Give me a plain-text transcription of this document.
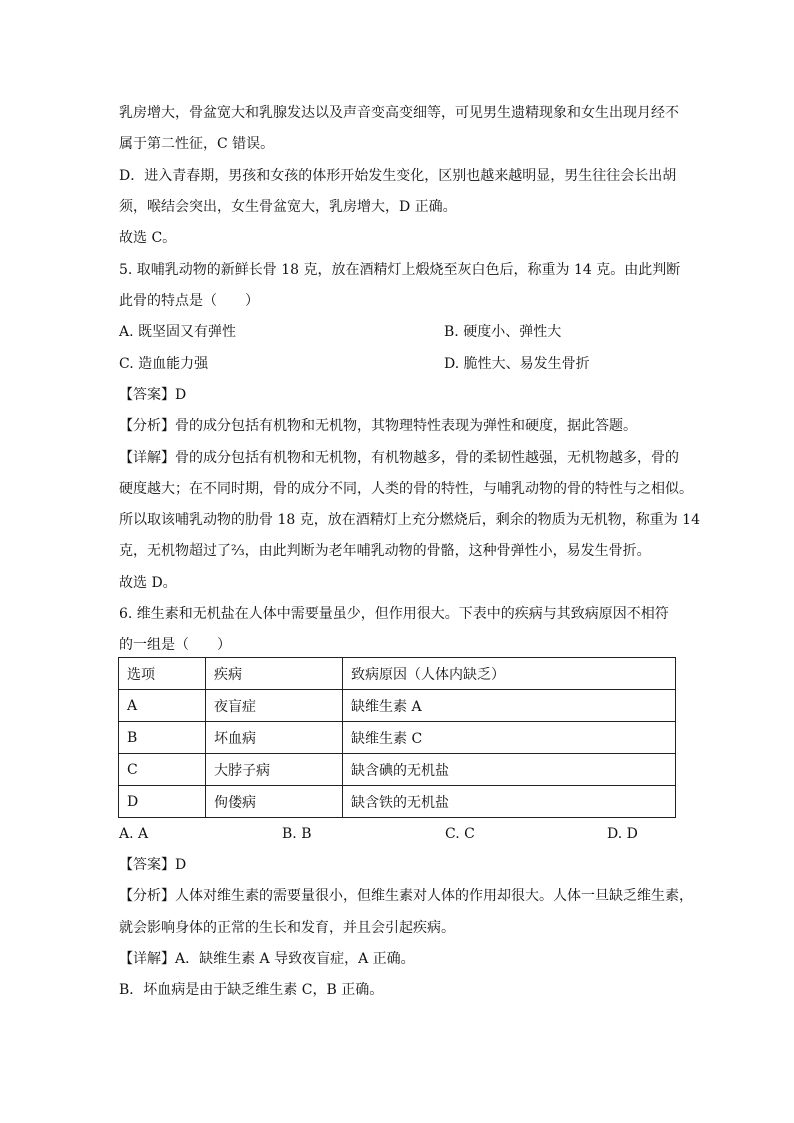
乳房增大，骨盆宽大和乳腺发达以及声音变高变细等，可见男生遗精现象和女生出现月经不
属于第二性征，C 错误。
D．进入青春期，男孩和女孩的体形开始发生变化，区别也越来越明显，男生往往会长出胡
须，喉结会突出，女生骨盆宽大，乳房增大，D 正确。
故选 C。
5. 取哺乳动物的新鲜长骨 18 克，放在酒精灯上煅烧至灰白色后，称重为 14 克。由此判断
此骨的特点是（　　）
A. 既坚固又有弹性	B. 硬度小、弹性大
C. 造血能力强	D. 脆性大、易发生骨折
【答案】D
【分析】骨的成分包括有机物和无机物，其物理特性表现为弹性和硬度，据此答题。
【详解】骨的成分包括有机物和无机物，有机物越多，骨的柔韧性越强，无机物越多，骨的
硬度越大；在不同时期，骨的成分不同，人类的骨的特性，与哺乳动物的骨的特性与之相似。
所以取该哺乳动物的肋骨 18 克，放在酒精灯上充分燃烧后，剩余的物质为无机物，称重为 14
克，无机物超过了⅔，由此判断为老年哺乳动物的骨骼，这种骨弹性小，易发生骨折。
故选 D。
6. 维生素和无机盐在人体中需要量虽少，但作用很大。下表中的疾病与其致病原因不相符
的一组是（　　）
选项	疾病	致病原因（人体内缺乏）
A	夜盲症	缺维生素 A
B	坏血病	缺维生素 C
C	大脖子病	缺含碘的无机盐
D	佝偻病	缺含铁的无机盐
A. A	B. B	C. C	D. D
【答案】D
【分析】人体对维生素的需要量很小，但维生素对人体的作用却很大。人体一旦缺乏维生素，
就会影响身体的正常的生长和发育，并且会引起疾病。
【详解】A．缺维生素 A 导致夜盲症，A 正确。
B．坏血病是由于缺乏维生素 C，B 正确。
